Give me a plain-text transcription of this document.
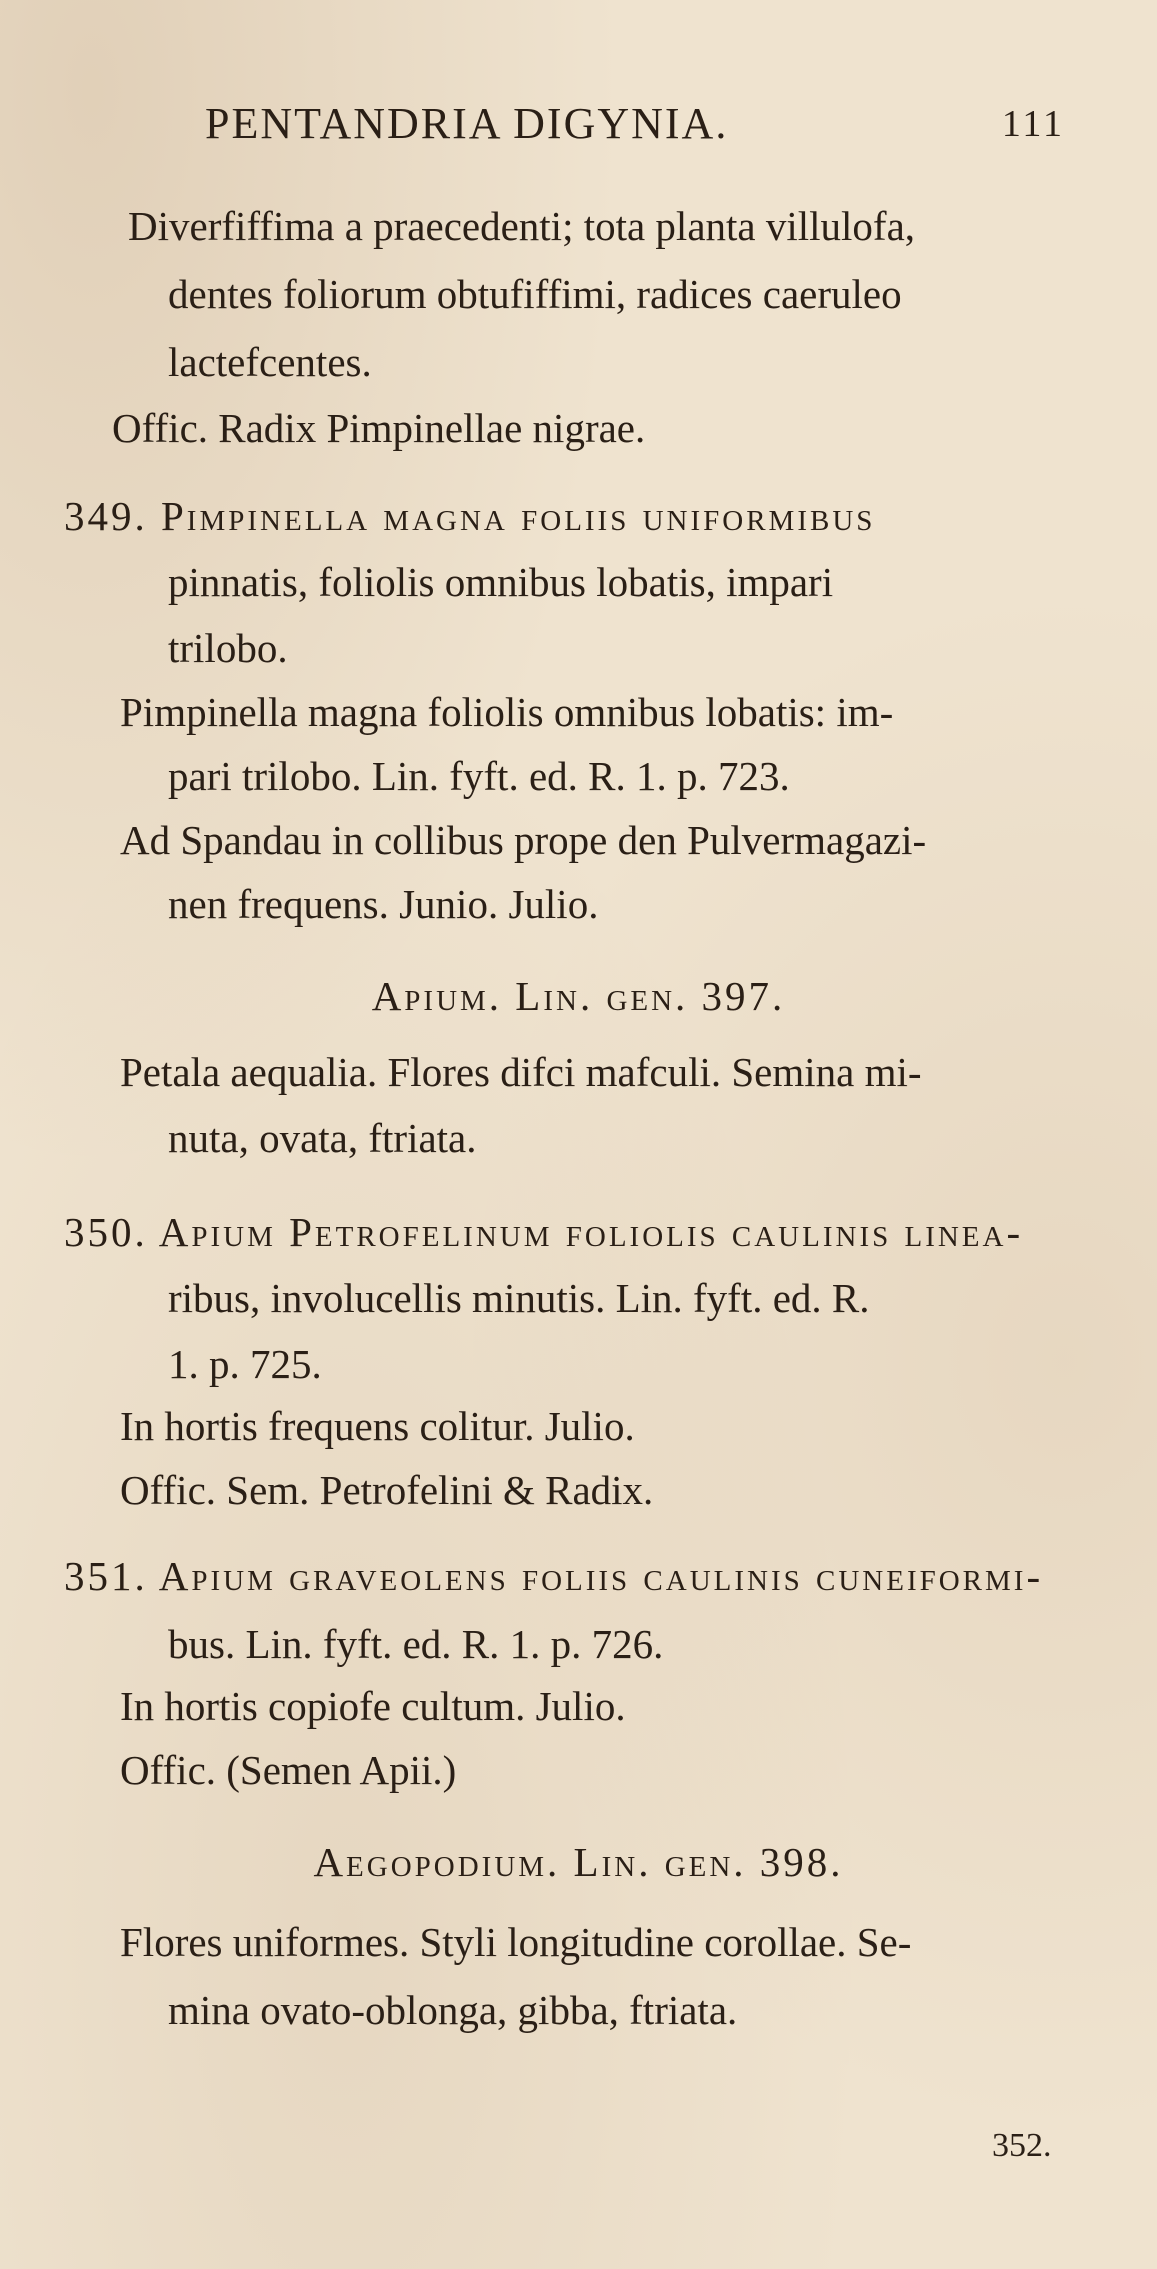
PENTANDRIA DIGYNIA.	111
Diverfiffima a praecedenti; tota planta villulofa,
dentes foliorum obtufiffimi, radices caeruleo
lactefcentes.
Offic. Radix Pimpinellae nigrae.
349. Pimpinella magna foliis uniformibus
pinnatis, foliolis omnibus lobatis, impari
trilobo.
Pimpinella magna foliolis omnibus lobatis: im-
pari trilobo. Lin. fyft. ed. R. 1. p. 723.
Ad Spandau in collibus prope den Pulvermagazi-
nen frequens. Junio. Julio.
Apium. Lin. gen. 397.
Petala aequalia. Flores difci mafculi. Semina mi-
nuta, ovata, ftriata.
350. Apium Petrofelinum foliolis caulinis linea-
ribus, involucellis minutis. Lin. fyft. ed. R.
1. p. 725.
In hortis frequens colitur. Julio.
Offic. Sem. Petrofelini & Radix.
351. Apium graveolens foliis caulinis cuneiformi-
bus. Lin. fyft. ed. R. 1. p. 726.
In hortis copiofe cultum. Julio.
Offic. (Semen Apii.)
Aegopodium. Lin. gen. 398.
Flores uniformes. Styli longitudine corollae. Se-
mina ovato-oblonga, gibba, ftriata.
352.
